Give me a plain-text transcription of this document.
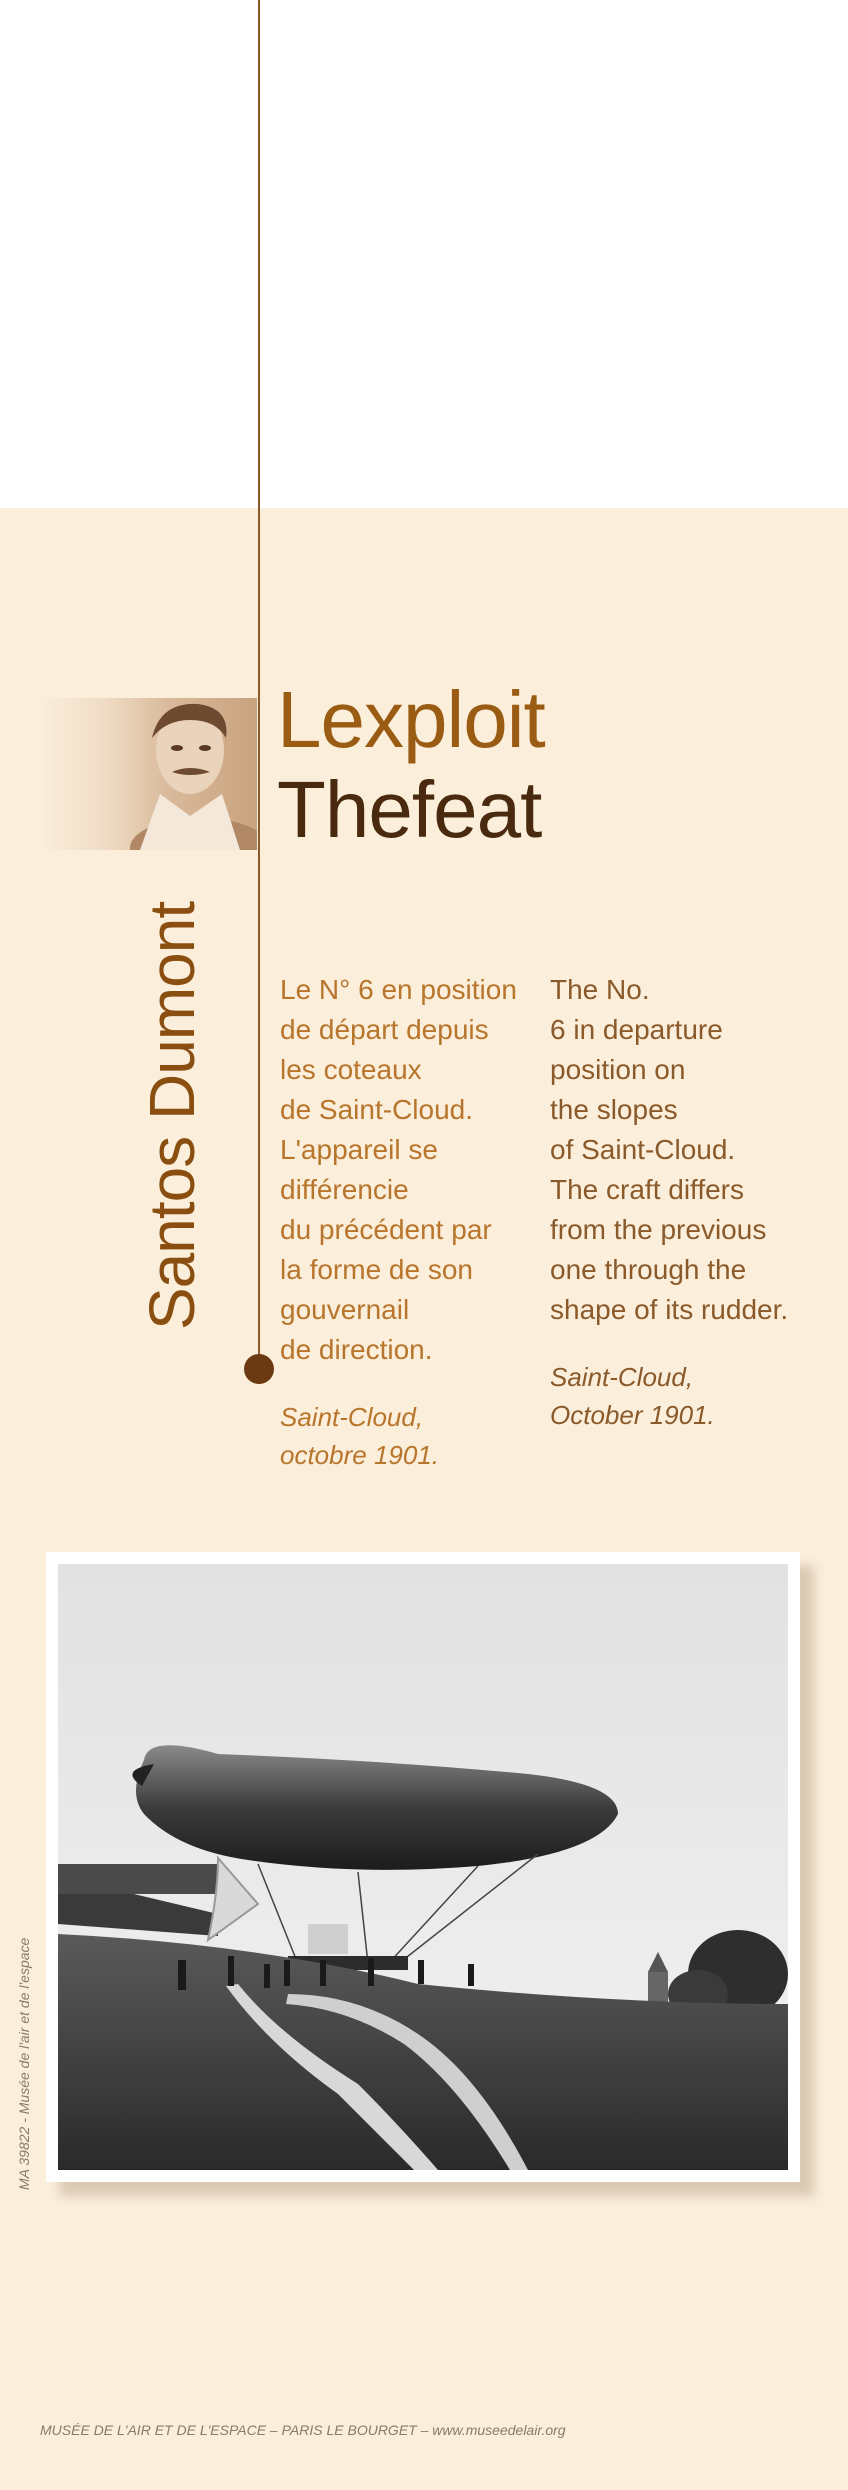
Lexploit
Thefeat
Santos Dumont	Le N° 6 en position

de départ depuis

les coteaux

de Saint-Cloud.

L'appareil se

différencie

du précédent par

la forme de son

gouvernail

de direction.

Saint-Cloud,

octobre 1901.

The No.

6 in departure

position on

the slopes

of Saint-Cloud.

The craft differs

from the previous

one through the

shape of its rudder.

Saint-Cloud,

October 1901.

MA 39822 - Musée de l'air et de l'espace
MUSÉE DE L'AIR ET DE L'ESPACE – PARIS LE BOURGET – www.museedelair.org
